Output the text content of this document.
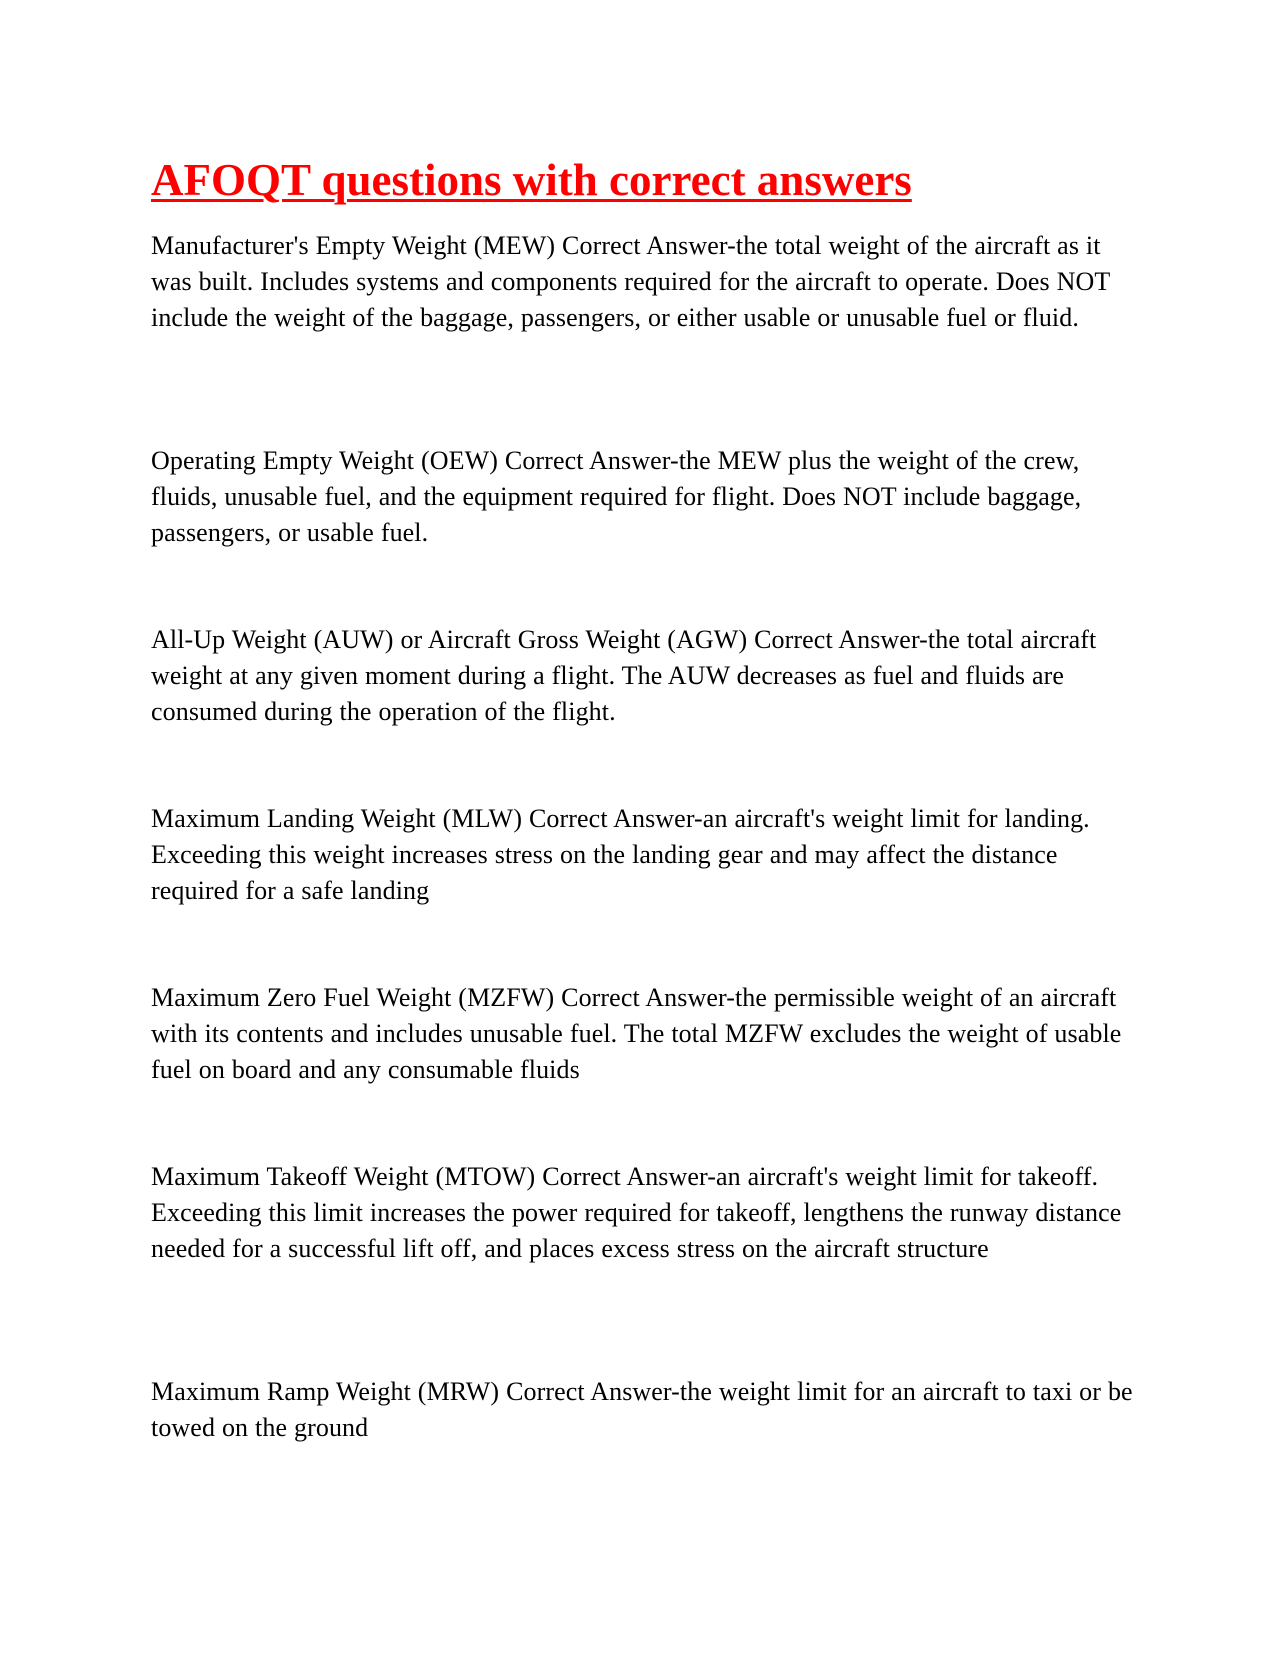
AFOQT questions with correct answers

Manufacturer's Empty Weight (MEW) Correct Answer-the total weight of the aircraft as it was built. Includes systems and components required for the aircraft to operate. Does NOT include the weight of the baggage, passengers, or either usable or unusable fuel or fluid.

Operating Empty Weight (OEW) Correct Answer-the MEW plus the weight of the crew, fluids, unusable fuel, and the equipment required for flight. Does NOT include baggage, passengers, or usable fuel.

All-Up Weight (AUW) or Aircraft Gross Weight (AGW) Correct Answer-the total aircraft weight at any given moment during a flight. The AUW decreases as fuel and fluids are consumed during the operation of the flight.

Maximum Landing Weight (MLW) Correct Answer-an aircraft's weight limit for landing. Exceeding this weight increases stress on the landing gear and may affect the distance required for a safe landing

Maximum Zero Fuel Weight (MZFW) Correct Answer-the permissible weight of an aircraft with its contents and includes unusable fuel. The total MZFW excludes the weight of usable fuel on board and any consumable fluids

Maximum Takeoff Weight (MTOW) Correct Answer-an aircraft's weight limit for takeoff. Exceeding this limit increases the power required for takeoff, lengthens the runway distance needed for a successful lift off, and places excess stress on the aircraft structure

Maximum Ramp Weight (MRW) Correct Answer-the weight limit for an aircraft to taxi or be towed on the ground
